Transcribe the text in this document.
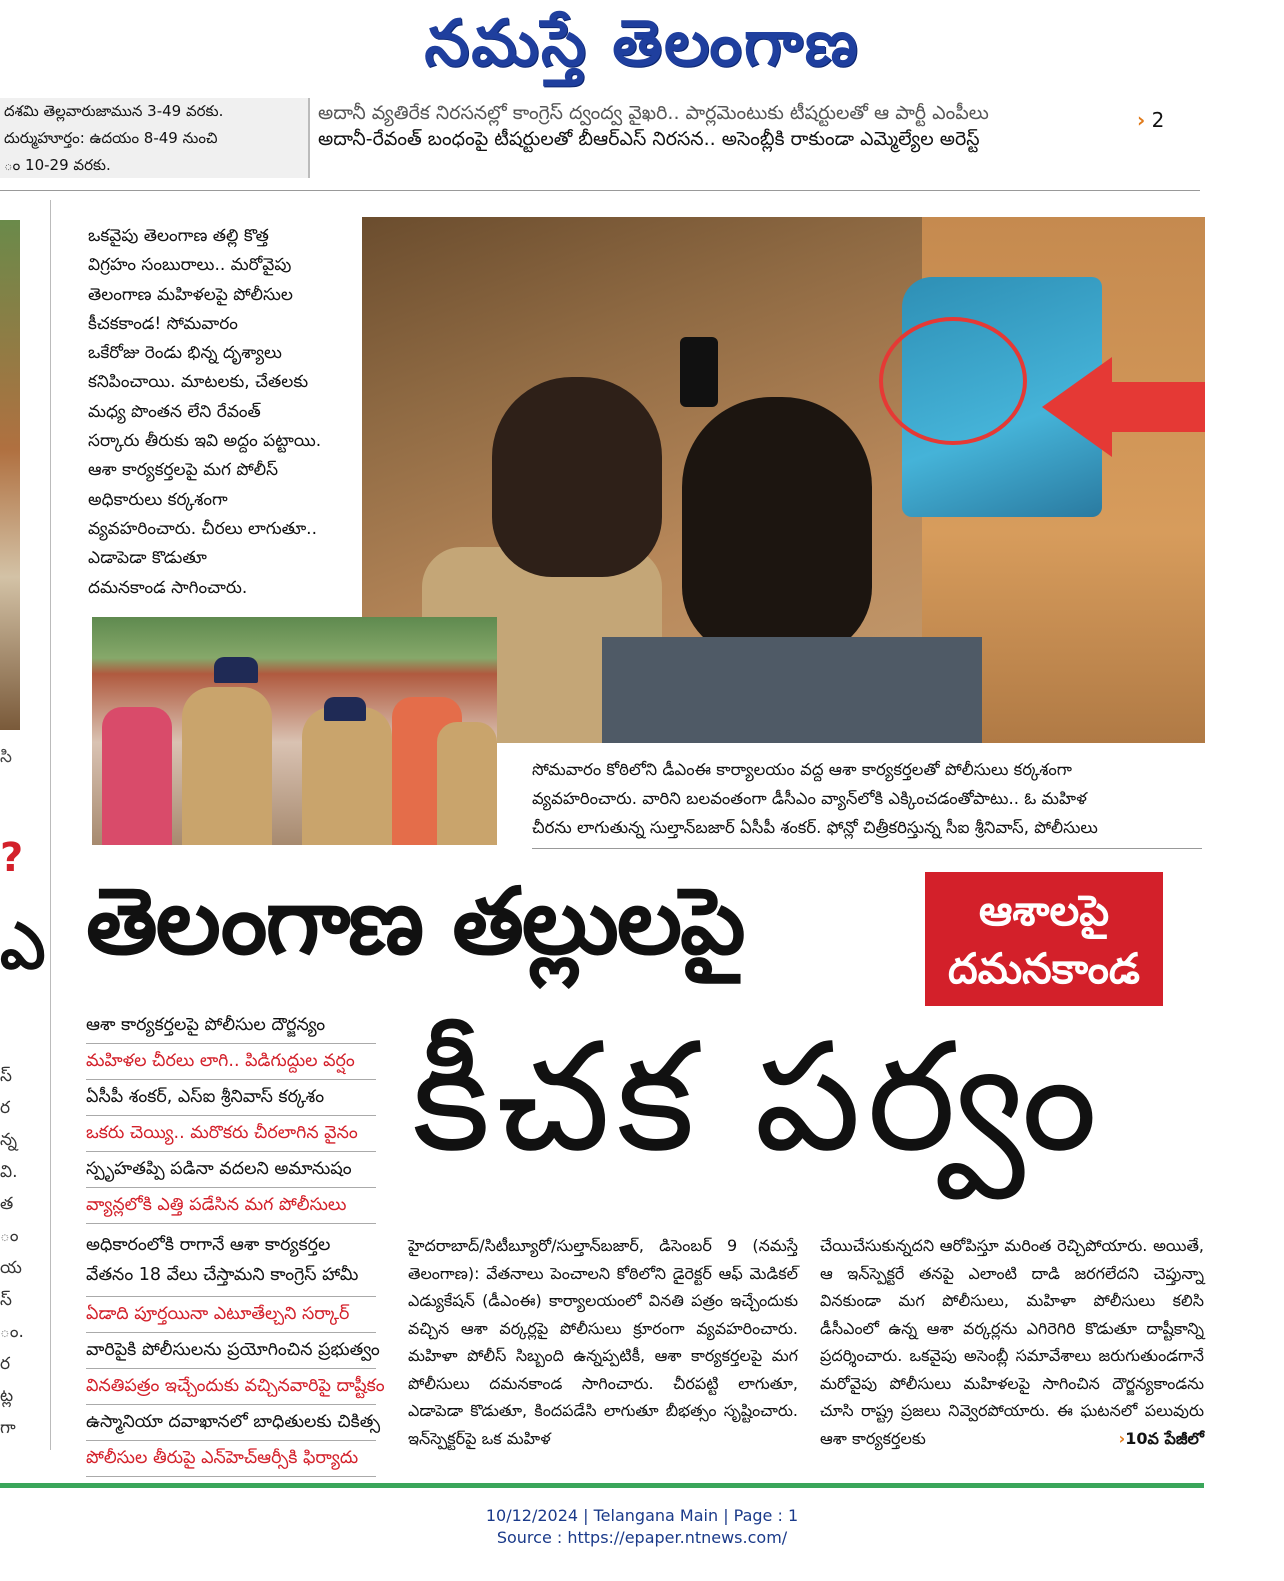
నమస్తే తెలంగాణ
దశమి తెల్లవారుజామున 3-49 వరకు.
దుర్ముహూర్తం: ఉదయం 8-49 నుంచి
ం 10-29 వరకు.
అదానీ వ్యతిరేక నిరసనల్లో కాంగ్రెస్ ద్వంద్వ వైఖరి.. పార్లమెంటుకు టీషర్టులతో ఆ పార్టీ ఎంపీలు
అదానీ-రేవంత్ బంధంపై టీషర్టులతో బీఆర్ఎస్ నిరసన.. అసెంబ్లీకి రాకుండా ఎమ్మెల్యేల అరెస్ట్
› 2
సి
?
ఎ
స్
ర
న్న
వి.
త
ం
య
స్
ం.
ర
ట్ల
గా

ఒకవైపు తెలంగాణ తల్లి కొత్త

విగ్రహం సంబురాలు.. మరోవైపు

తెలంగాణ మహిళలపై పోలీసుల

కీచకకాండ! సోమవారం

ఒకేరోజు రెండు భిన్న దృశ్యాలు

కనిపించాయి. మాటలకు, చేతలకు

మధ్య పొంతన లేని రేవంత్

సర్కారు తీరుకు ఇవి అద్దం పట్టాయి.

ఆశా కార్యకర్తలపై మగ పోలీస్

అధికారులు కర్కశంగా

వ్యవహరించారు. చీరలు లాగుతూ..

ఎడాపెడా కొడుతూ

దమనకాండ సాగించారు.

సోమవారం కోఠిలోని డీఎంఈ కార్యాలయం వద్ద ఆశా కార్యకర్తలతో పోలీసులు కర్కశంగా
వ్యవహరించారు. వారిని బలవంతంగా డీసీఎం వ్యాన్‌లోకి ఎక్కించడంతోపాటు.. ఓ మహిళ
చీరను లాగుతున్న సుల్తాన్‌బజార్ ఏసీపీ శంకర్. ఫోన్లో చిత్రీకరిస్తున్న సీఐ శ్రీనివాస్, పోలీసులు
తెలంగాణ తల్లులపై	ఆశాలపై
దమనకాండ
కీచక పర్వం
ఆశా కార్యకర్తలపై పోలీసుల దౌర్జన్యం
మహిళల చీరలు లాగి.. పిడిగుద్దుల వర్షం
ఏసీపీ శంకర్, ఎస్ఐ శ్రీనివాస్ కర్కశం
ఒకరు చెయ్యి.. మరొకరు చీరలాగిన వైనం
స్పృహతప్పి పడినా వదలని అమానుషం
వ్యాన్లలోకి ఎత్తి పడేసిన మగ పోలీసులు
అధికారంలోకి రాగానే ఆశా కార్యకర్తల
వేతనం 18 వేలు చేస్తామని కాంగ్రెస్ హామీ
ఏడాది పూర్తయినా ఎటూతేల్చని సర్కార్
వారిపైకి పోలీసులను ప్రయోగించిన ప్రభుత్వం
వినతిపత్రం ఇచ్చేందుకు వచ్చినవారిపై దాష్టీకం
ఉస్మానియా దవాఖానలో బాధితులకు చికిత్స
పోలీసుల తీరుపై ఎన్‌హెచ్ఆర్సీకి ఫిర్యాదు
హైదరాబాద్/సిటీబ్యూరో/సుల్తాన్‌బజార్, డిసెంబర్ 9 (నమస్తే తెలంగాణ): వేతనాలు పెంచాలని కోఠిలోని డైరెక్టర్ ఆఫ్ మెడికల్ ఎడ్యుకేషన్ (డీఎంఈ) కార్యాలయంలో వినతి పత్రం ఇచ్చేందుకు వచ్చిన ఆశా వర్కర్లపై పోలీసులు క్రూరంగా వ్యవహరించారు. మహిళా పోలీస్ సిబ్బంది ఉన్నప్పటికీ, ఆశా కార్యకర్తలపై మగ పోలీసులు దమనకాండ సాగించారు. చీరపట్టి లాగుతూ, ఎడాపెడా కొడుతూ, కిందపడేసి లాగుతూ బీభత్సం సృష్టించారు. ఇన్‌స్పెక్టర్‌పై ఒక మహిళ
చేయిచేసుకున్నదని ఆరోపిస్తూ మరింత రెచ్చిపోయారు. అయితే, ఆ ఇన్‌స్పెక్టరే తనపై ఎలాంటి దాడి జరగలేదని చెప్తున్నా వినకుండా మగ పోలీసులు, మహిళా పోలీసులు కలిసి డీసీఎంలో ఉన్న ఆశా వర్కర్లను ఎగిరెగిరి కొడుతూ దాష్టీకాన్ని ప్రదర్శించారు. ఒకవైపు అసెంబ్లీ సమావేశాలు జరుగుతుండగానే మరోవైపు పోలీసులు మహిళలపై సాగించిన దౌర్జన్యకాండను చూసి రాష్ట్ర ప్రజలు నివ్వెరపోయారు. ఈ ఘటనలో పలువురు ఆశా కార్యకర్తలకు	›10వ పేజీలో
10/12/2024 | Telangana Main | Page : 1
Source : https://epaper.ntnews.com/
